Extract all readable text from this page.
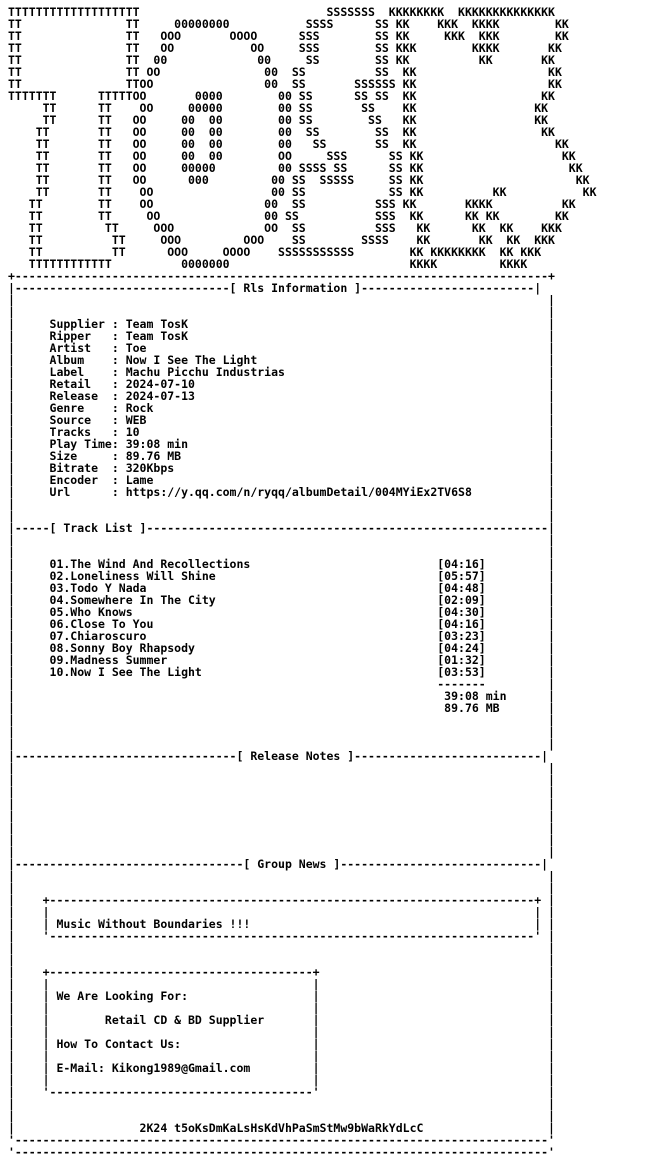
TTTTTTTTTTTTTTTTTTT                           SSSSSSS  KKKKKKKK  KKKKKKKKKKKKKK
TT               TT     00000000           SSSS      SS KK    KKK  KKKK        KK
TT               TT   OOO       OOOO      SSS        SS KK     KKK  KKK        KK
TT               TT   OO           OO     SSS        SS KKK        KKKK       KK
TT               TT  00             00     SS        SS KK          KK       KK
TT               TT OO               00  SS          SS  KK                   KK
TT               TTOO                00  SS       SSSSSS KK                   KK
TTTTTTT      TTTTTOO       0000        00 SS      SS SS  KK                  KK
TT      TT    OO     00000        00 SS       SS    KK                 KK
TT      TT   OO     00  00        00 SS        SS   KK                 KK
TT       TT   OO     00  00        00  SS        SS  KK                  KK
TT       TT   OO     00  00        00   SS       SS  KK                    KK
TT       TT   OO     00  00        OO     SSS      SS KK                    KK
TT       TT   OO     00000         00 SSSS SS      SS KK                     KK
TT       TT   OO      000         00 SS  SSSSS     SS KK                      KK
TT       TT    OO                 00 SS            SS KK          KK           KK
TT        TT    OO                00  SS          SSS KK       KKKK          KK
TT        TT     OO               00 SS           SSS  KK      KK KK        KK
TT         TT     OOO             OO  SS          SSS   KK      KK  KK    KKK
TT          TT     OOO         OOO    SS        SSSS    KK       KK  KK  KKK
TT          TT      OOO     OOOO    SSSSSSSSSSS        KK KKKKKKKK  KK KKK
TTTTTTTTTTTT          0000000                          KKKK         KKKK
+-----------------------------------------------------------------------------+
|-------------------------------[ Rls Information ]-------------------------|
|                                                                             |
|                                                                             |
|     Supplier : Team TosK                                                    |
|     Ripper   : Team TosK                                                    |
|     Artist   : Toe                                                          |
|     Album    : Now I See The Light                                          |
|     Label    : Machu Picchu Industrias                                      |
|     Retail   : 2024-07-10                                                   |
|     Release  : 2024-07-13                                                   |
|     Genre    : Rock                                                         |
|     Source   : WEB                                                          |
|     Tracks   : 10                                                           |
|     Play Time: 39:08 min                                                    |
|     Size     : 89.76 MB                                                     |
|     Bitrate  : 320Kbps                                                      |
|     Encoder  : Lame                                                         |
|     Url      : https://y.qq.com/n/ryqq/albumDetail/004MYiEx2TV6S8           |
|                                                                             |
|                                                                             |
|-----[ Track List ]----------------------------------------------------------|
|                                                                             |
|                                                                             |
|     01.The Wind And Recollections                           [04:16]         |
|     02.Loneliness Will Shine                                [05:57]         |
|     03.Todo Y Nada                                          [04:48]         |
|     04.Somewhere In The City                                [02:09]         |
|     05.Who Knows                                            [04:30]         |
|     06.Close To You                                         [04:16]         |
|     07.Chiaroscuro                                          [03:23]         |
|     08.Sonny Boy Rhapsody                                   [04:24]         |
|     09.Madness Summer                                       [01:32]         |
|     10.Now I See The Light                                  [03:53]         |
|                                                             -------         |
|                                                              39:08 min      |
|                                                              89.76 MB       |
|                                                                             |
|                                                                             |
|                                                                             |
|--------------------------------[ Release Notes ]---------------------------|
|                                                                             |
|                                                                             |
|                                                                             |
|                                                                             |
|                                                                             |
|                                                                             |
|                                                                             |
|                                                                             |
|---------------------------------[ Group News ]-----------------------------|
|                                                                             |
|                                                                             |
|    +----------------------------------------------------------------------+ |
|    |                                                                      | |
|    | Music Without Boundaries !!!                                         | |
|    '----------------------------------------------------------------------' |
|                                                                             |
|                                                                             |
|    +--------------------------------------+                                 |
|    |                                      |                                 |
|    | We Are Looking For:                  |                                 |
|    |                                      |                                 |
|    |        Retail CD & BD Supplier       |                                 |
|    |                                      |                                 |
|    | How To Contact Us:                   |                                 |
|    |                                      |                                 |
|    | E-Mail: Kikong1989@Gmail.com         |                                 |
|    |                                      |                                 |
|    '--------------------------------------'                                 |
|                                                                             |
|                                                                             |
|                  2K24 t5oKsDmKaLsHsKdVhPaSmStMw9bWaRkYdLcC                  |
'-----------------------------------------------------------------------------'
'-----------------------------------------------------------------------------'
